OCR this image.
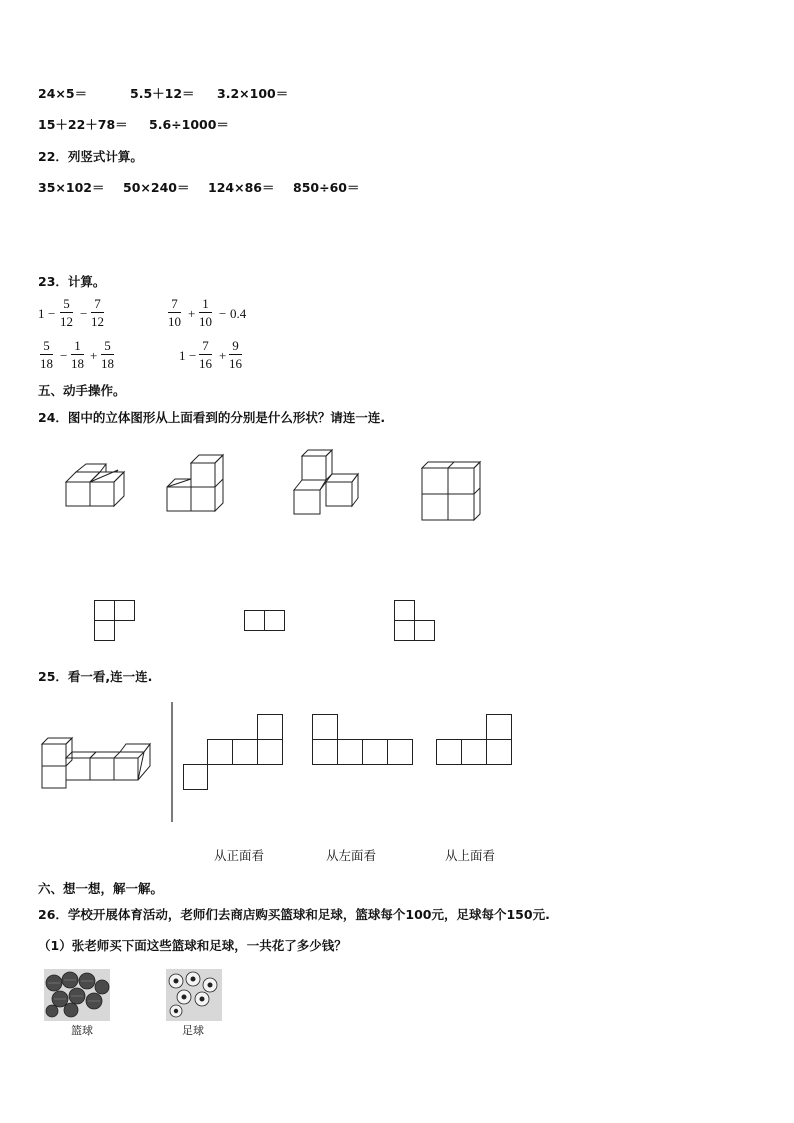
24×5＝	5.5＋12＝ 3.2×100＝
15＋22＋78＝ 5.6÷1000＝
22．列竖式计算。
35×102＝ 50×240＝ 124×86＝ 850÷60＝
23．计算。
$1 - \frac{5}{12} - \frac{7}{12}$	$\frac{7}{10} + \frac{1}{10} - 0.4$
$\frac{5}{18} - \frac{1}{18} + \frac{5}{18}$	$1 - \frac{7}{16} + \frac{9}{16}$
五、动手操作。
24．图中的立体图形从上面看到的分别是什么形状？请连一连.
25．看一看,连一连.
从正面看	从左面看	从上面看
六、想一想，解一解。
26．学校开展体育活动，老师们去商店购买篮球和足球，篮球每个100元，足球每个150元.
（1）张老师买下面这些篮球和足球，一共花了多少钱？
篮球	足球
